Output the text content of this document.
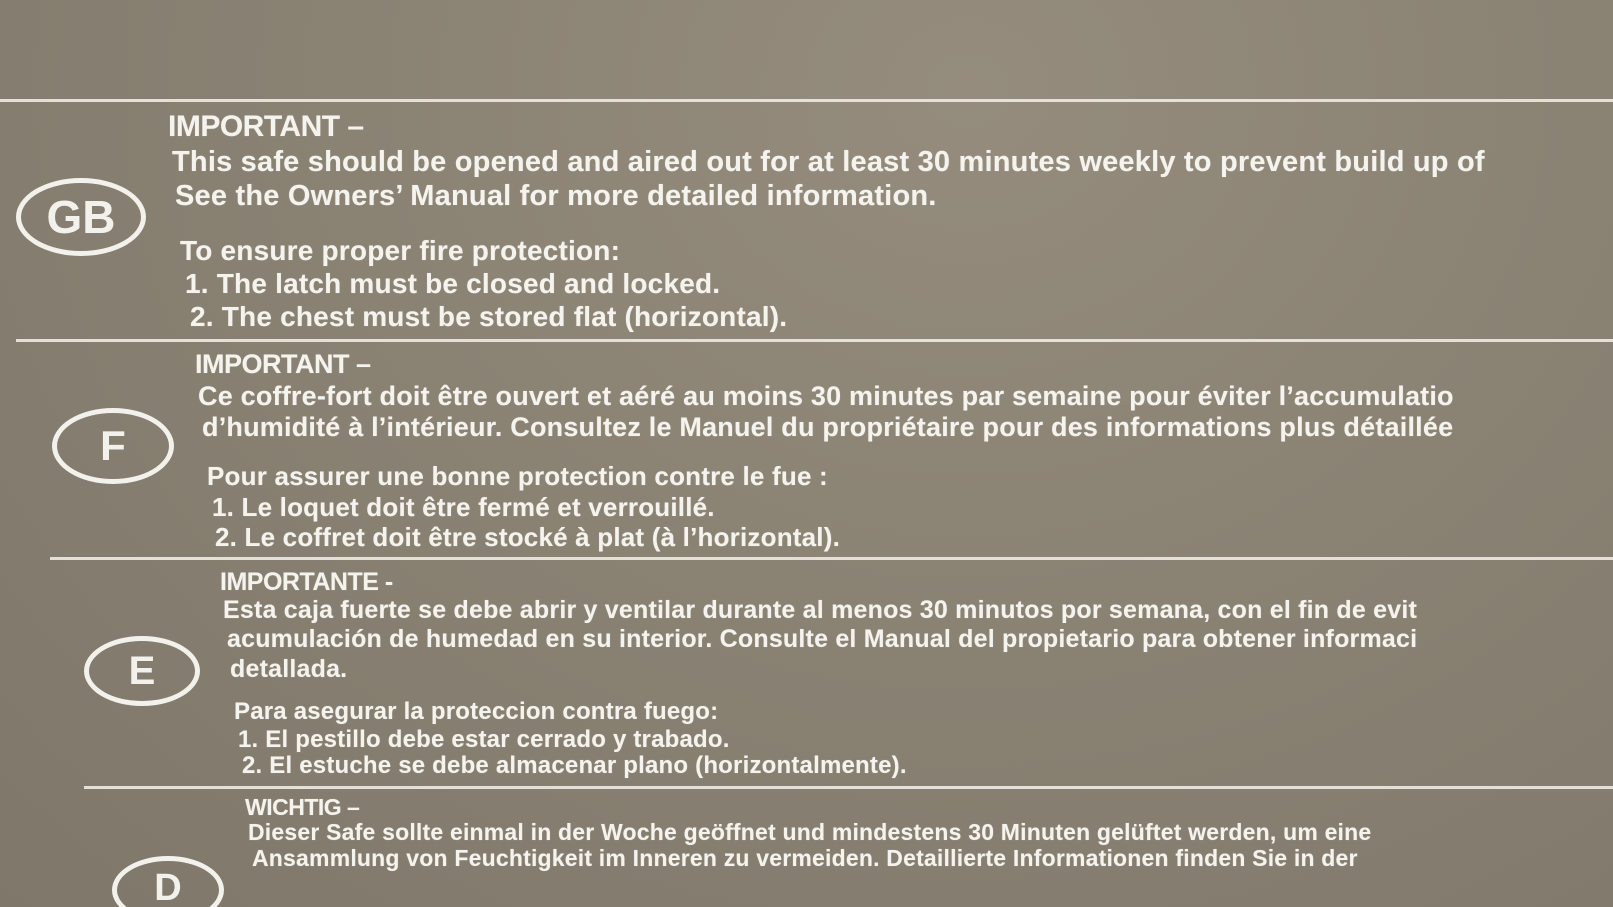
GB
IMPORTANT –
This safe should be opened and aired out for at least 30 minutes weekly to prevent build up of
See the Owners’ Manual for more detailed information.
To ensure proper fire protection:
1. The latch must be closed and locked.
2. The chest must be stored flat (horizontal).
F
IMPORTANT –
Ce coffre-fort doit être ouvert et aéré au moins 30 minutes par semaine pour éviter l’accumulatio
d’humidité à l’intérieur. Consultez le Manuel du propriétaire pour des informations plus détaillée
Pour assurer une bonne protection contre le fue :
1. Le loquet doit être fermé et verrouillé.
2. Le coffret doit être stocké à plat (à l’horizontal).
E
IMPORTANTE -
Esta caja fuerte se debe abrir y ventilar durante al menos 30 minutos por semana, con el fin de evit
acumulación de humedad en su interior. Consulte el Manual del propietario para obtener informaci
detallada.
Para asegurar la proteccion contra fuego:
1. El pestillo debe estar cerrado y trabado.
2. El estuche se debe almacenar plano (horizontalmente).
D
WICHTIG –
Dieser Safe sollte einmal in der Woche geöffnet und mindestens 30 Minuten gelüftet werden, um eine
Ansammlung von Feuchtigkeit im Inneren zu vermeiden. Detaillierte Informationen finden Sie in der
